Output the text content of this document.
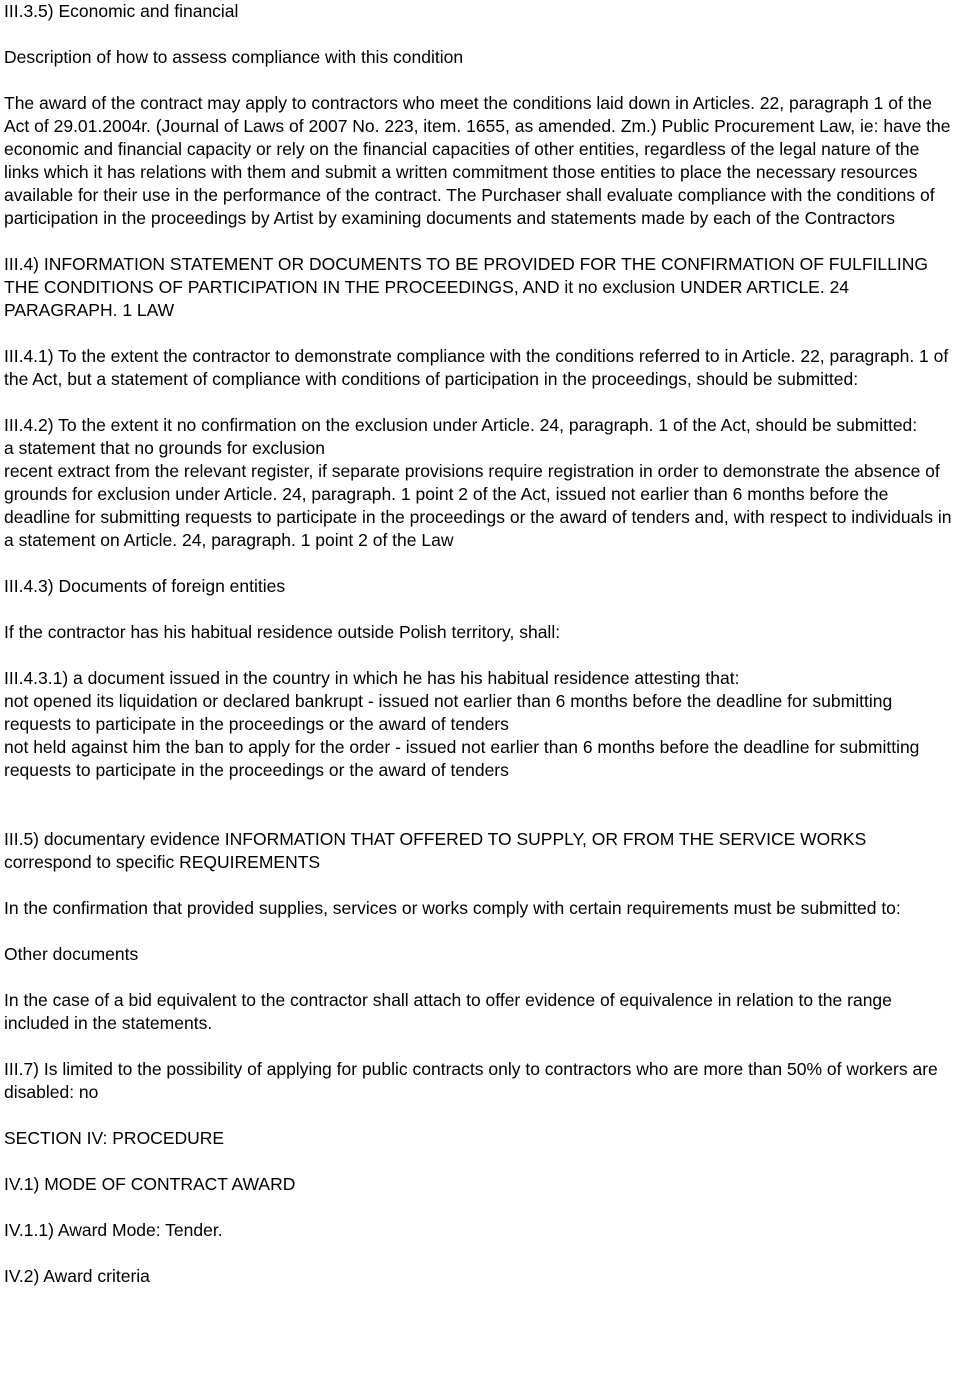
III.3.5) Economic and financial

Description of how to assess compliance with this condition

The award of the contract may apply to contractors who meet the conditions laid down in Articles. 22, paragraph 1 of the Act of 29.01.2004r. (Journal of Laws of 2007 No. 223, item. 1655, as amended. Zm.) Public Procurement Law, ie: have the economic and financial capacity or rely on the financial capacities of other entities, regardless of the legal nature of the links which it has relations with them and submit a written commitment those entities to place the necessary resources available for their use in the performance of the contract. The Purchaser shall evaluate compliance with the conditions of participation in the proceedings by Artist by examining documents and statements made by each of the Contractors

III.4) INFORMATION STATEMENT OR DOCUMENTS TO BE PROVIDED FOR THE CONFIRMATION OF FULFILLING THE CONDITIONS OF PARTICIPATION IN THE PROCEEDINGS, AND it no exclusion UNDER ARTICLE. 24 PARAGRAPH. 1 LAW

III.4.1) To the extent the contractor to demonstrate compliance with the conditions referred to in Article. 22, paragraph. 1 of the Act, but a statement of compliance with conditions of participation in the proceedings, should be submitted:

III.4.2) To the extent it no confirmation on the exclusion under Article. 24, paragraph. 1 of the Act, should be submitted:

a statement that no grounds for exclusion

recent extract from the relevant register, if separate provisions require registration in order to demonstrate the absence of grounds for exclusion under Article. 24, paragraph. 1 point 2 of the Act, issued not earlier than 6 months before the deadline for submitting requests to participate in the proceedings or the award of tenders and, with respect to individuals in a statement on Article. 24, paragraph. 1 point 2 of the Law

III.4.3) Documents of foreign entities

If the contractor has his habitual residence outside Polish territory, shall:

III.4.3.1) a document issued in the country in which he has his habitual residence attesting that:

not opened its liquidation or declared bankrupt - issued not earlier than 6 months before the deadline for submitting requests to participate in the proceedings or the award of tenders

not held against him the ban to apply for the order - issued not earlier than 6 months before the deadline for submitting requests to participate in the proceedings or the award of tenders

III.5) documentary evidence INFORMATION THAT OFFERED TO SUPPLY, OR FROM THE SERVICE WORKS correspond to specific REQUIREMENTS

In the confirmation that provided supplies, services or works comply with certain requirements must be submitted to:

Other documents

In the case of a bid equivalent to the contractor shall attach to offer evidence of equivalence in relation to the range included in the statements.

III.7) Is limited to the possibility of applying for public contracts only to contractors who are more than 50% of workers are disabled: no

SECTION IV: PROCEDURE

IV.1) MODE OF CONTRACT AWARD

IV.1.1) Award Mode: Tender.

IV.2) Award criteria
